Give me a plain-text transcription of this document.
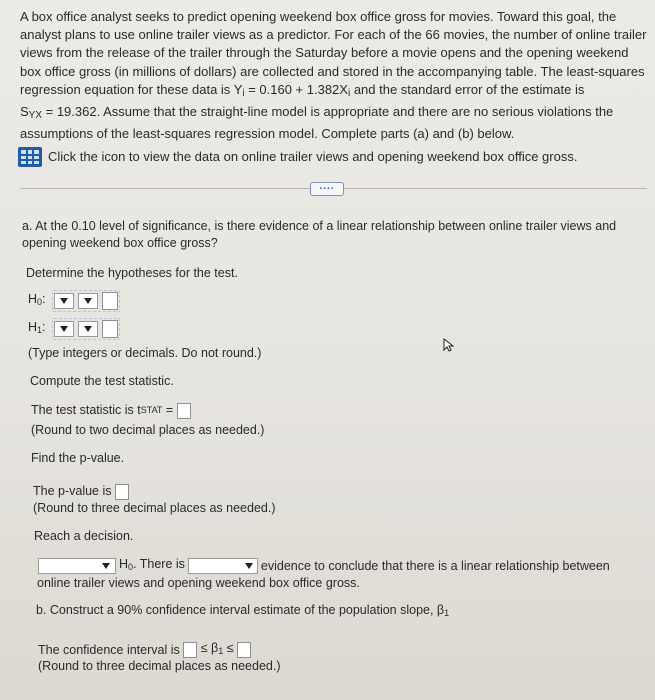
A box office analyst seeks to predict opening weekend box office gross for movies. Toward this goal, the analyst plans to use online trailer views as a predictor. For each of the 66 movies, the number of online trailer views from the release of the trailer through the Saturday before a movie opens and the opening weekend box office gross (in millions of dollars) are collected and stored in the accompanying table. The least-squares regression equation for these data is $Y_i = 0.160 + 1.382X_i$ and the standard error of the estimate is
$S_{YX} = 19.362$. Assume that the straight-line model is appropriate and there are no serious violations the assumptions of the least-squares regression model. Complete parts (a) and (b) below.

Click the icon to view the data on online trailer views and opening weekend box office gross.
....

a. At the 0.10 level of significance, is there evidence of a linear relationship between online trailer views and opening weekend box office gross?

Determine the hypotheses for the test.

H0:
H1:

(Type integers or decimals. Do not round.)

Compute the test statistic.

The test statistic is t STAT =

(Round to two decimal places as needed.)

Find the p-value.

The p-value is

(Round to three decimal places as needed.)

Reach a decision.

H0. There is	evidence to conclude that there is a linear relationship between

online trailer views and opening weekend box office gross.

b. Construct a 90% confidence interval estimate of the population slope, β1

The confidence interval is ≤ β1 ≤

(Round to three decimal places as needed.)
